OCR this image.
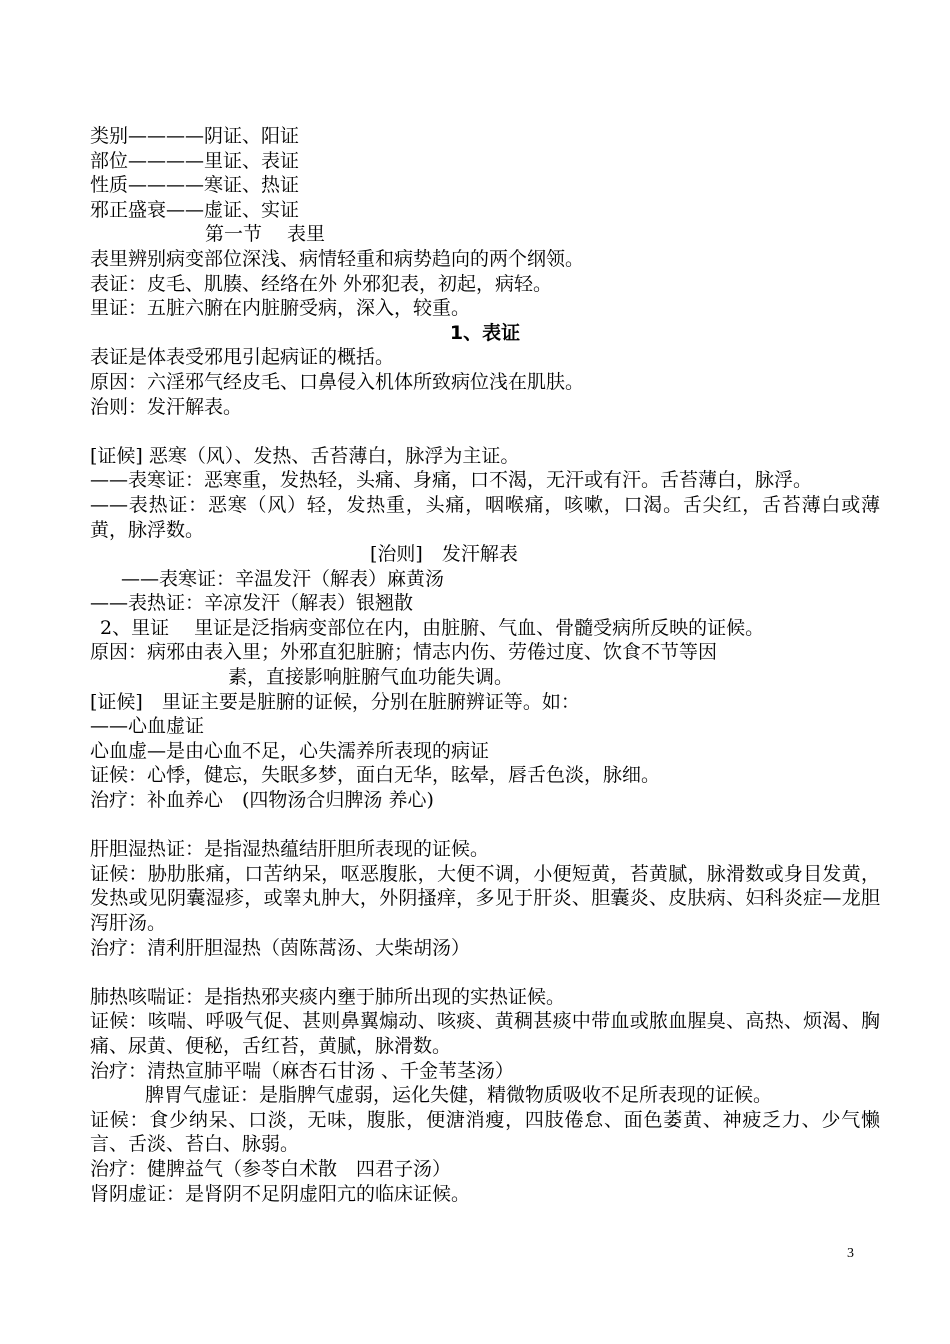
类别————阴证、阳证
部位————里证、表证
性质————寒证、热证
邪正盛衰——虚证、实证
第一节　 表里
表里辨别病变部位深浅、病情轻重和病势趋向的两个纲领。
表证：皮毛、肌腠、经络在外 外邪犯表，初起，病轻。
里证：五脏六腑在内脏腑受病，深入，较重。
1、表证
表证是体表受邪甩引起病证的概括。
原因：六淫邪气经皮毛、口鼻侵入机体所致病位浅在肌肤。
治则：发汗解表。
[证候] 恶寒（风）、发热、舌苔薄白，脉浮为主证。
——表寒证：恶寒重，发热轻，头痛、身痛，口不渴，无汗或有汗。舌苔薄白，脉浮。
——表热证：恶寒（风）轻，发热重，头痛，咽喉痛，咳嗽，口渴。舌尖红，舌苔薄白或薄黄，脉浮数。
[治则]　发汗解表
——表寒证：辛温发汗（解表）麻黄汤
——表热证：辛凉发汗（解表）银翘散
2、里证　 里证是泛指病变部位在内，由脏腑、气血、骨髓受病所反映的证候。
原因：病邪由表入里；外邪直犯脏腑；情志内伤、劳倦过度、饮食不节等因
素，直接影响脏腑气血功能失调。
[证候]　里证主要是脏腑的证候，分别在脏腑辨证等。如：
——心血虚证
心血虚—是由心血不足，心失濡养所表现的病证
证候：心悸，健忘，失眠多梦，面白无华，眩晕，唇舌色淡，脉细。
治疗：补血养心　(四物汤合归脾汤 养心)
肝胆湿热证：是指湿热蕴结肝胆所表现的证候。
证候：胁肋胀痛，口苦纳呆，呕恶腹胀，大便不调，小便短黄，苔黄腻，脉滑数或身目发黄，发热或见阴囊湿疹，或睾丸肿大，外阴搔痒，多见于肝炎、胆囊炎、皮肤病、妇科炎症—龙胆泻肝汤。
治疗：清利肝胆湿热（茵陈蒿汤、大柴胡汤）
肺热咳喘证：是指热邪夹痰内壅于肺所出现的实热证候。
证候：咳喘、呼吸气促、甚则鼻翼煽动、咳痰、黄稠甚痰中带血或脓血腥臭、高热、烦渴、胸痛、尿黄、便秘，舌红苔，黄腻，脉滑数。
治疗：清热宣肺平喘（麻杏石甘汤 、千金苇茎汤）
脾胃气虚证：是脂脾气虚弱，运化失健，精微物质吸收不足所表现的证候。
证候：食少纳呆、口淡，无味，腹胀，便溏消瘦，四肢倦怠、面色萎黄、神疲乏力、少气懒言、舌淡、苔白、脉弱。
治疗：健脾益气（参苓白术散　四君子汤）
肾阴虚证：是肾阴不足阴虚阳亢的临床证候。
3
